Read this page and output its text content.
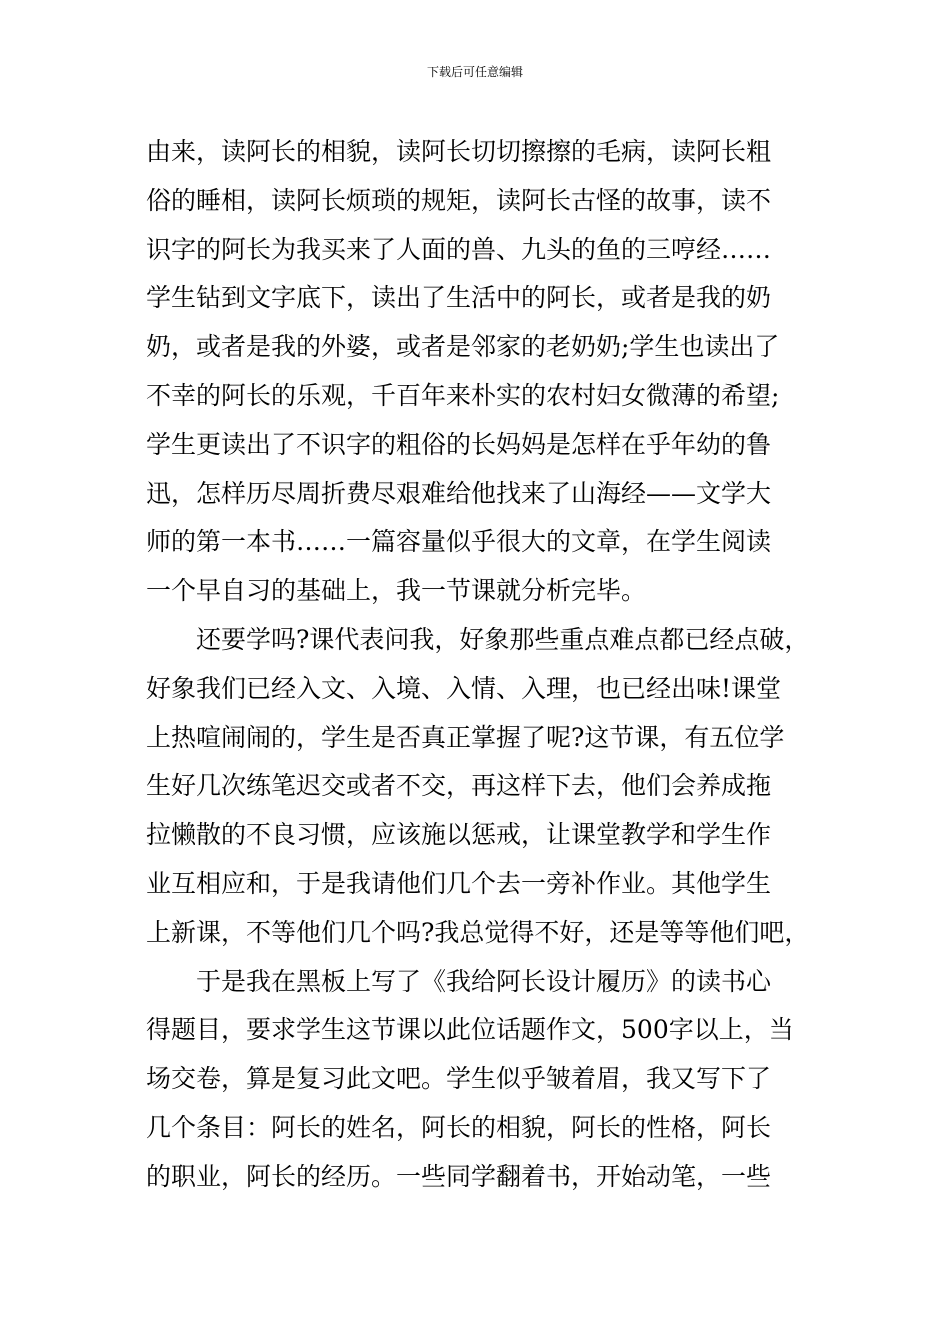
下载后可任意编辑
由来，读阿长的相貌，读阿长切切擦擦的毛病，读阿长粗
俗的睡相，读阿长烦琐的规矩，读阿长古怪的故事，读不
识字的阿长为我买来了人面的兽、九头的鱼的三哼经……
学生钻到文字底下，读出了生活中的阿长，或者是我的奶
奶，或者是我的外婆，或者是邻家的老奶奶;学生也读出了
不幸的阿长的乐观，千百年来朴实的农村妇女微薄的希望;
学生更读出了不识字的粗俗的长妈妈是怎样在乎年幼的鲁
迅，怎样历尽周折费尽艰难给他找来了山海经——文学大
师的第一本书……一篇容量似乎很大的文章，在学生阅读
一个早自习的基础上，我一节课就分析完毕。
　　还要学吗?课代表问我，好象那些重点难点都已经点破，
好象我们已经入文、入境、入情、入理，也已经出味!课堂
上热喧闹闹的，学生是否真正掌握了呢?这节课，有五位学
生好几次练笔迟交或者不交，再这样下去，他们会养成拖
拉懒散的不良习惯，应该施以惩戒，让课堂教学和学生作
业互相应和，于是我请他们几个去一旁补作业。其他学生
上新课，不等他们几个吗?我总觉得不好，还是等等他们吧，
　　于是我在黑板上写了《我给阿长设计履历》的读书心
得题目，要求学生这节课以此位话题作文，500字以上，当
场交卷，算是复习此文吧。学生似乎皱着眉，我又写下了
几个条目：阿长的姓名，阿长的相貌，阿长的性格，阿长
的职业，阿长的经历。一些同学翻着书，开始动笔，一些
